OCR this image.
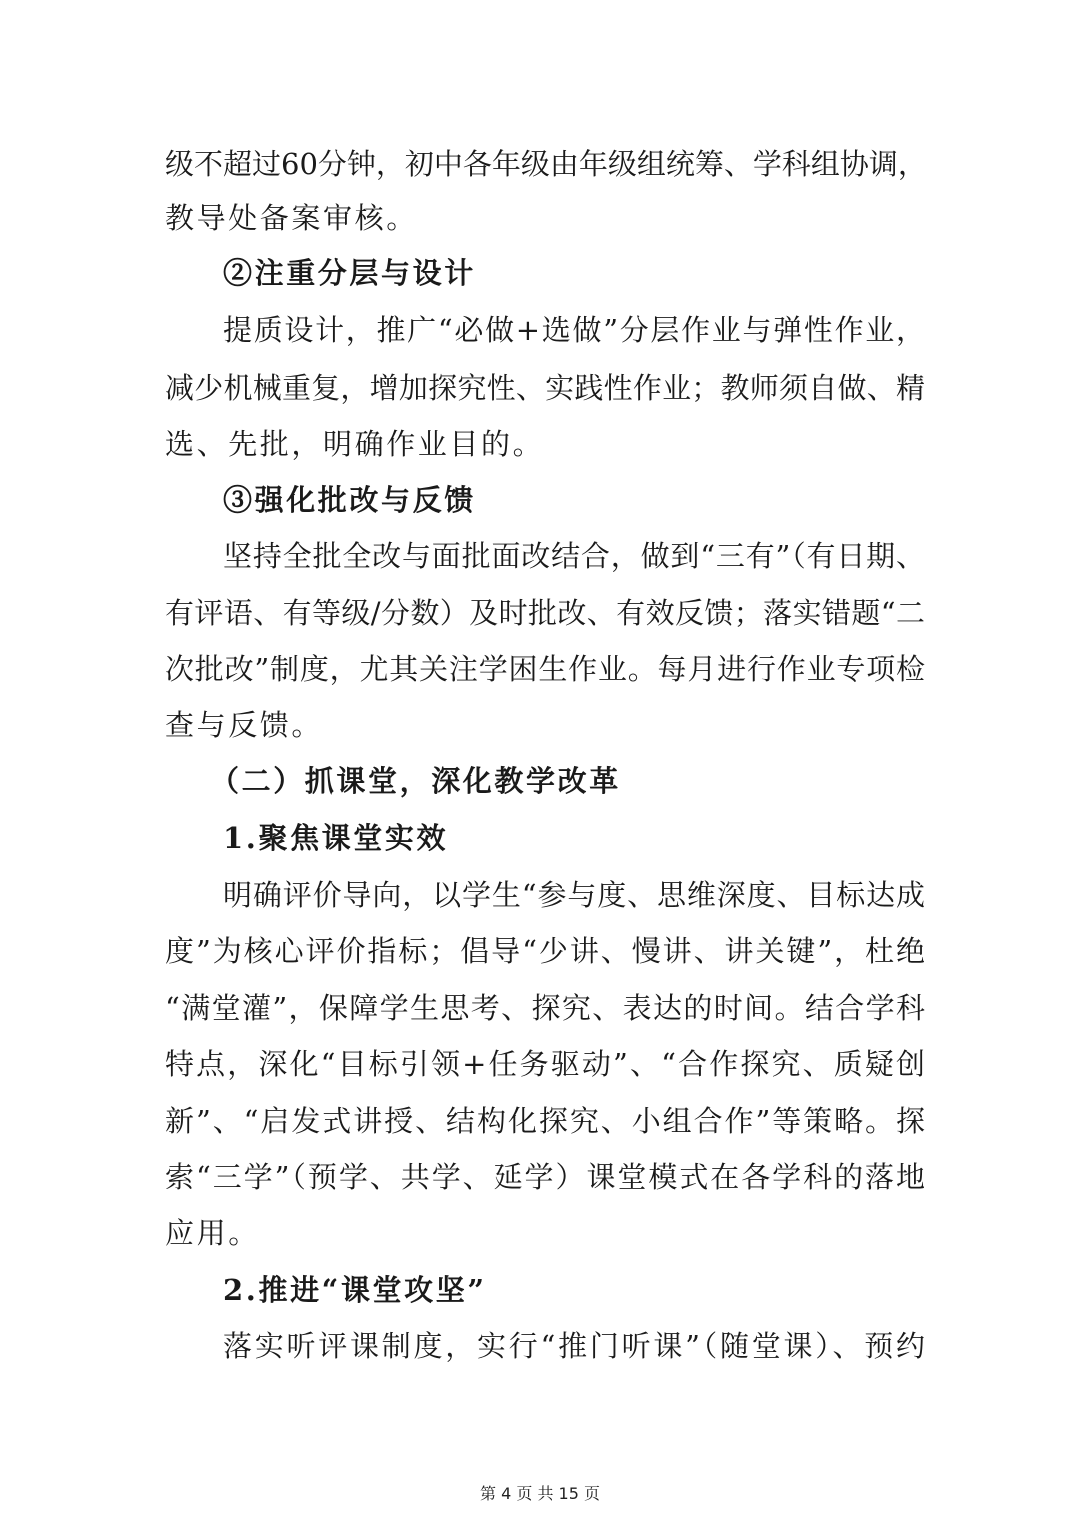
级不超过60分钟，初中各年级由年级组统筹、学科组协调，
教导处备案审核。
②注重分层与设计
提质设计，推广“必做+选做”分层作业与弹性作业，
减少机械重复，增加探究性、实践性作业；教师须自做、精
选、先批，明确作业目的。
③强化批改与反馈
坚持全批全改与面批面改结合，做到“三有”（有日期、
有评语、有等级/分数）及时批改、有效反馈；落实错题“二
次批改”制度，尤其关注学困生作业。每月进行作业专项检
查与反馈。
（二）抓课堂，深化教学改革
1.聚焦课堂实效
明确评价导向，以学生“参与度、思维深度、目标达成
度”为核心评价指标；倡导“少讲、慢讲、讲关键”，杜绝
“满堂灌”，保障学生思考、探究、表达的时间。结合学科
特点，深化“目标引领+任务驱动”、“合作探究、质疑创
新”、“启发式讲授、结构化探究、小组合作”等策略。探
索“三学”（预学、共学、延学）课堂模式在各学科的落地
应用。
2.推进“课堂攻坚”
落实听评课制度，实行“推门听课”（随堂课）、预约
第 4 页 共 15 页
